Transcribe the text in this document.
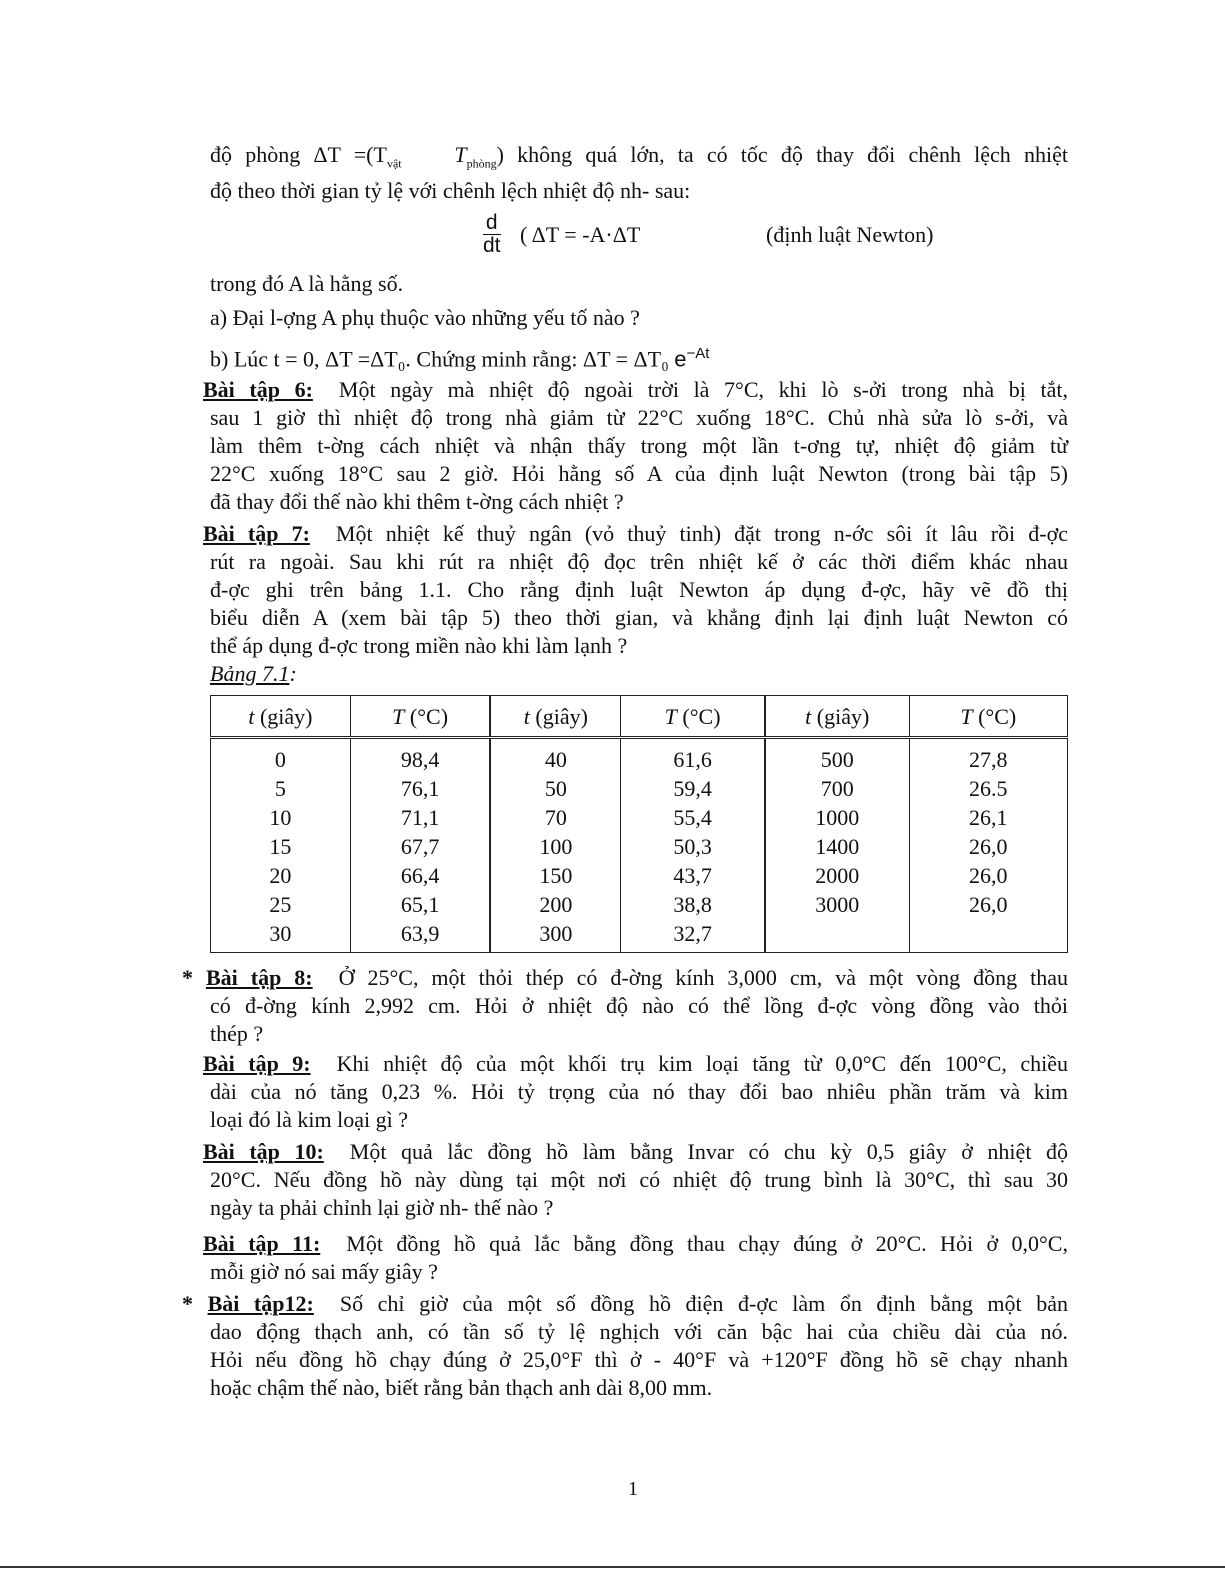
độ phòng $\Delta T =(T_{vật}$ $T_{phòng}$) không quá lớn, ta có tốc độ thay đổi chênh lệch nhiệt
độ theo thời gian tỷ lệ với chênh lệch nhiệt độ nh- sau:
$\frac{d}{dt}$ ( ΔT = -A·ΔT	(định luật Newton)
trong đó A là hằng số.
a) Đại l-ợng A phụ thuộc vào những yếu tố nào ?
b) Lúc t = 0, ΔT =ΔT₀. Chứng minh rằng: ΔT = ΔT₀ $e^{-At}$
Bài tập 6: Một ngày mà nhiệt độ ngoài trời là 7°C, khi lò s-ởi trong nhà bị tắt,
sau 1 giờ thì nhiệt độ trong nhà giảm từ 22°C xuống 18°C. Chủ nhà sửa lò s-ởi, và
làm thêm t-ờng cách nhiệt và nhận thấy trong một lần t-ơng tự, nhiệt độ giảm từ
22°C xuống 18°C sau 2 giờ. Hỏi hằng số A của định luật Newton (trong bài tập 5)
đã thay đổi thế nào khi thêm t-ờng cách nhiệt ?
Bài tập 7: Một nhiệt kế thuỷ ngân (vỏ thuỷ tinh) đặt trong n-ớc sôi ít lâu rồi đ-ợc
rút ra ngoài. Sau khi rút ra nhiệt độ đọc trên nhiệt kế ở các thời điểm khác nhau
đ-ợc ghi trên bảng 1.1. Cho rằng định luật Newton áp dụng đ-ợc, hãy vẽ đồ thị
biểu diễn A (xem bài tập 5) theo thời gian, và khẳng định lại định luật Newton có
thể áp dụng đ-ợc trong miền nào khi làm lạnh ?
* Bài tập 8: Ở 25°C, một thỏi thép có đ-ờng kính 3,000 cm, và một vòng đồng thau
có đ-ờng kính 2,992 cm. Hỏi ở nhiệt độ nào có thể lồng đ-ợc vòng đồng vào thỏi
thép ?
Bài tập 9: Khi nhiệt độ của một khối trụ kim loại tăng từ 0,0°C đến 100°C, chiều
dài của nó tăng 0,23 %. Hỏi tỷ trọng của nó thay đổi bao nhiêu phần trăm và kim
loại đó là kim loại gì ?
Bài tập 10: Một quả lắc đồng hồ làm bằng Invar có chu kỳ 0,5 giây ở nhiệt độ
20°C. Nếu đồng hồ này dùng tại một nơi có nhiệt độ trung bình là 30°C, thì sau 30
ngày ta phải chỉnh lại giờ nh- thế nào ?
Bài tập 11: Một đồng hồ quả lắc bằng đồng thau chạy đúng ở 20°C. Hỏi ở 0,0°C,
mỗi giờ nó sai mấy giây ?
* Bài tập12: Số chỉ giờ của một số đồng hồ điện đ-ợc làm ổn định bằng một bản
dao động thạch anh, có tần số tỷ lệ nghịch với căn bậc hai của chiều dài của nó.
Hỏi nếu đồng hồ chạy đúng ở 25,0°F thì ở - 40°F và +120°F đồng hồ sẽ chạy nhanh
hoặc chậm thế nào, biết rằng bản thạch anh dài 8,00 mm.
Bảng 7.1:
t (giây)	T (°C)	t (giây)	T (°C)	t (giây)	T (°C)
0	98,4	40	61,6	500	27,8
5	76,1	50	59,4	700	26.5
10	71,1	70	55,4	1000	26,1
15	67,7	100	50,3	1400	26,0
20	66,4	150	43,7	2000	26,0
25	65,1	200	38,8	3000	26,0
30	63,9	300	32,7		
1
